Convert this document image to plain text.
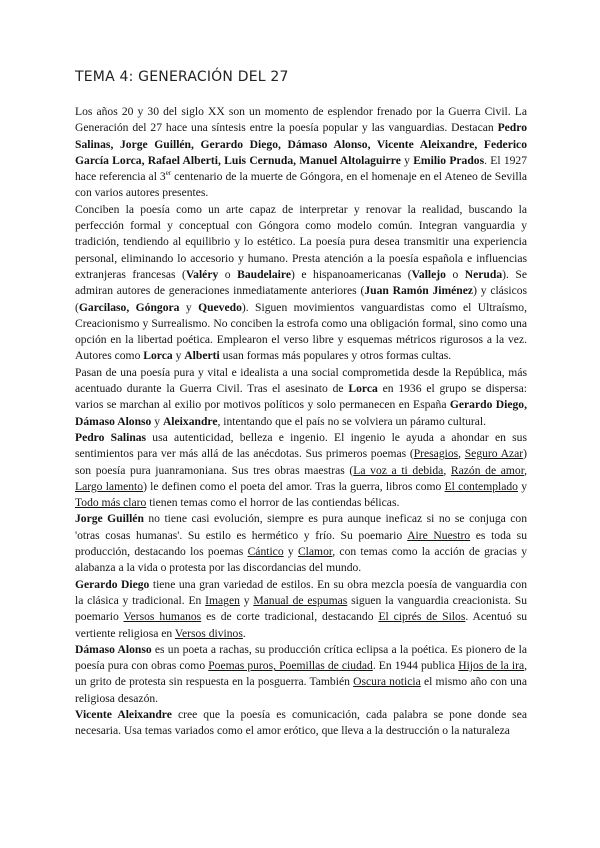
TEMA 4: GENERACIÓN DEL 27

Los años 20 y 30 del siglo XX son un momento de esplendor frenado por la Guerra Civil. La Generación del 27 hace una síntesis entre la poesía popular y las vanguardias. Destacan Pedro Salinas, Jorge Guillén, Gerardo Diego, Dámaso Alonso, Vicente Aleixandre, Federico García Lorca, Rafael Alberti, Luis Cernuda, Manuel Altolaguirre y Emilio Prados. El 1927 hace referencia al 3er centenario de la muerte de Góngora, en el homenaje en el Ateneo de Sevilla con varios autores presentes.

Conciben la poesía como un arte capaz de interpretar y renovar la realidad, buscando la perfección formal y conceptual con Góngora como modelo común. Integran vanguardia y tradición, tendiendo al equilibrio y lo estético. La poesía pura desea transmitir una experiencia personal, eliminando lo accesorio y humano. Presta atención a la poesía española e influencias extranjeras francesas (Valéry o Baudelaire) e hispanoamericanas (Vallejo o Neruda). Se admiran autores de generaciones inmediatamente anteriores (Juan Ramón Jiménez) y clásicos (Garcilaso, Góngora y Quevedo). Siguen movimientos vanguardistas como el Ultraísmo, Creacionismo y Surrealismo. No conciben la estrofa como una obligación formal, sino como una opción en la libertad poética. Emplearon el verso libre y esquemas métricos rigurosos a la vez. Autores como Lorca y Alberti usan formas más populares y otros formas cultas.

Pasan de una poesía pura y vital e idealista a una social comprometida desde la República, más acentuado durante la Guerra Civil. Tras el asesinato de Lorca en 1936 el grupo se dispersa: varios se marchan al exilio por motivos políticos y solo permanecen en España Gerardo Diego, Dámaso Alonso y Aleixandre, intentando que el país no se volviera un páramo cultural.

Pedro Salinas usa autenticidad, belleza e ingenio. El ingenio le ayuda a ahondar en sus sentimientos para ver más allá de las anécdotas. Sus primeros poemas (Presagios, Seguro Azar) son poesía pura juanramoniana. Sus tres obras maestras (La voz a ti debida, Razón de amor, Largo lamento) le definen como el poeta del amor. Tras la guerra, libros como El contemplado y Todo más claro tienen temas como el horror de las contiendas bélicas.

Jorge Guillén no tiene casi evolución, siempre es pura aunque ineficaz si no se conjuga con 'otras cosas humanas'. Su estilo es hermético y frío. Su poemario Aire Nuestro es toda su producción, destacando los poemas Cántico y Clamor, con temas como la acción de gracias y alabanza a la vida o protesta por las discordancias del mundo.

Gerardo Diego tiene una gran variedad de estilos. En su obra mezcla poesía de vanguardia con la clásica y tradicional. En Imagen y Manual de espumas siguen la vanguardia creacionista. Su poemario Versos humanos es de corte tradicional, destacando El ciprés de Silos. Acentuó su vertiente religiosa en Versos divinos.

Dámaso Alonso es un poeta a rachas, su producción crítica eclipsa a la poética. Es pionero de la poesía pura con obras como Poemas puros, Poemillas de ciudad. En 1944 publica Hijos de la ira, un grito de protesta sin respuesta en la posguerra. También Oscura noticia el mismo año con una religiosa desazón.

Vicente Aleixandre cree que la poesía es comunicación, cada palabra se pone donde sea necesaria. Usa temas variados como el amor erótico, que lleva a la destrucción o la naturaleza
